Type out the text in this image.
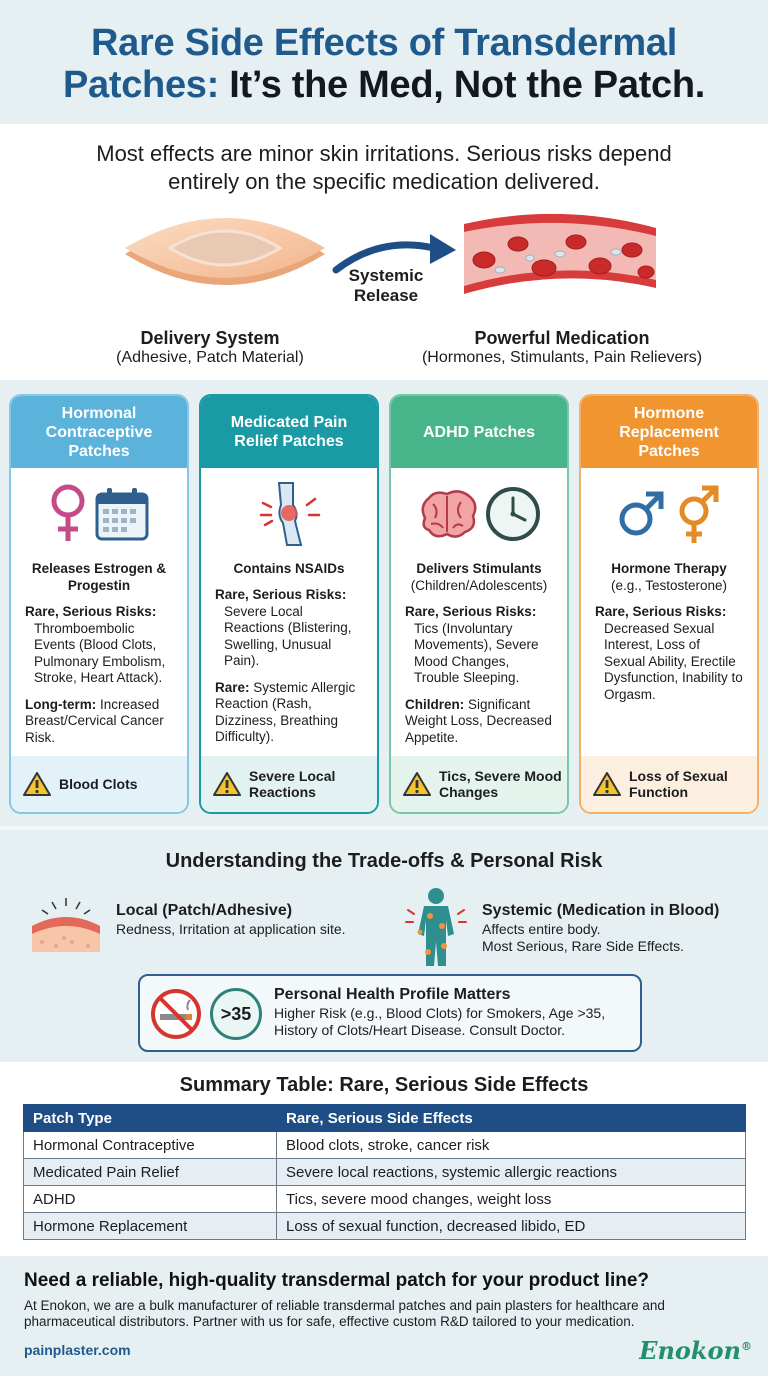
Rare Side Effects of Transdermal
Patches: It’s the Med, Not the Patch.
Most effects are minor skin irritations. Serious risks depend
entirely on the specific medication delivered.
Systemic
Release
Delivery System
(Adhesive, Patch Material)
Powerful Medication
(Hormones, Stimulants, Pain Relievers)
Hormonal Contraceptive Patches
Releases Estrogen & Progestin
Rare, Serious Risks:
Thromboembolic Events (Blood Clots, Pulmonary Embolism, Stroke, Heart Attack).
Long-term: Increased Breast/Cervical Cancer Risk.
Blood Clots
Medicated Pain Relief Patches
Contains NSAIDs
Rare, Serious Risks:
Severe Local Reactions (Blistering, Swelling, Unusual Pain).
Rare: Systemic Allergic Reaction (Rash, Dizziness, Breathing Difficulty).
Severe Local Reactions
ADHD Patches
Delivers Stimulants
(Children/Adolescents)
Rare, Serious Risks:
Tics (Involuntary Movements), Severe Mood Changes, Trouble Sleeping.
Children: Significant Weight Loss, Decreased Appetite.
Tics, Severe Mood Changes
Hormone Replacement Patches
Hormone Therapy
(e.g., Testosterone)
Rare, Serious Risks:
Decreased Sexual Interest, Loss of Sexual Ability, Erectile Dysfunction, Inability to Orgasm.
Loss of Sexual Function
Understanding the Trade-offs & Personal Risk
Local (Patch/Adhesive)
Redness, Irritation at application site.
Systemic (Medication in Blood)
Affects entire body.
Most Serious, Rare Side Effects.
>35
Personal Health Profile Matters
Higher Risk (e.g., Blood Clots) for Smokers, Age >35, History of Clots/Heart Disease. Consult Doctor.
Summary Table: Rare, Serious Side Effects
Patch Type	Rare, Serious Side Effects
Hormonal Contraceptive	Blood clots, stroke, cancer risk
Medicated Pain Relief	Severe local reactions, systemic allergic reactions
ADHD	Tics, severe mood changes, weight loss
Hormone Replacement	Loss of sexual function, decreased libido, ED
Need a reliable, high-quality transdermal patch for your product line?

At Enokon, we are a bulk manufacturer of reliable transdermal patches and pain plasters for healthcare and pharmaceutical distributors. Partner with us for safe, effective custom R&D tailored to your medication.

painplaster.com	Enokon®
